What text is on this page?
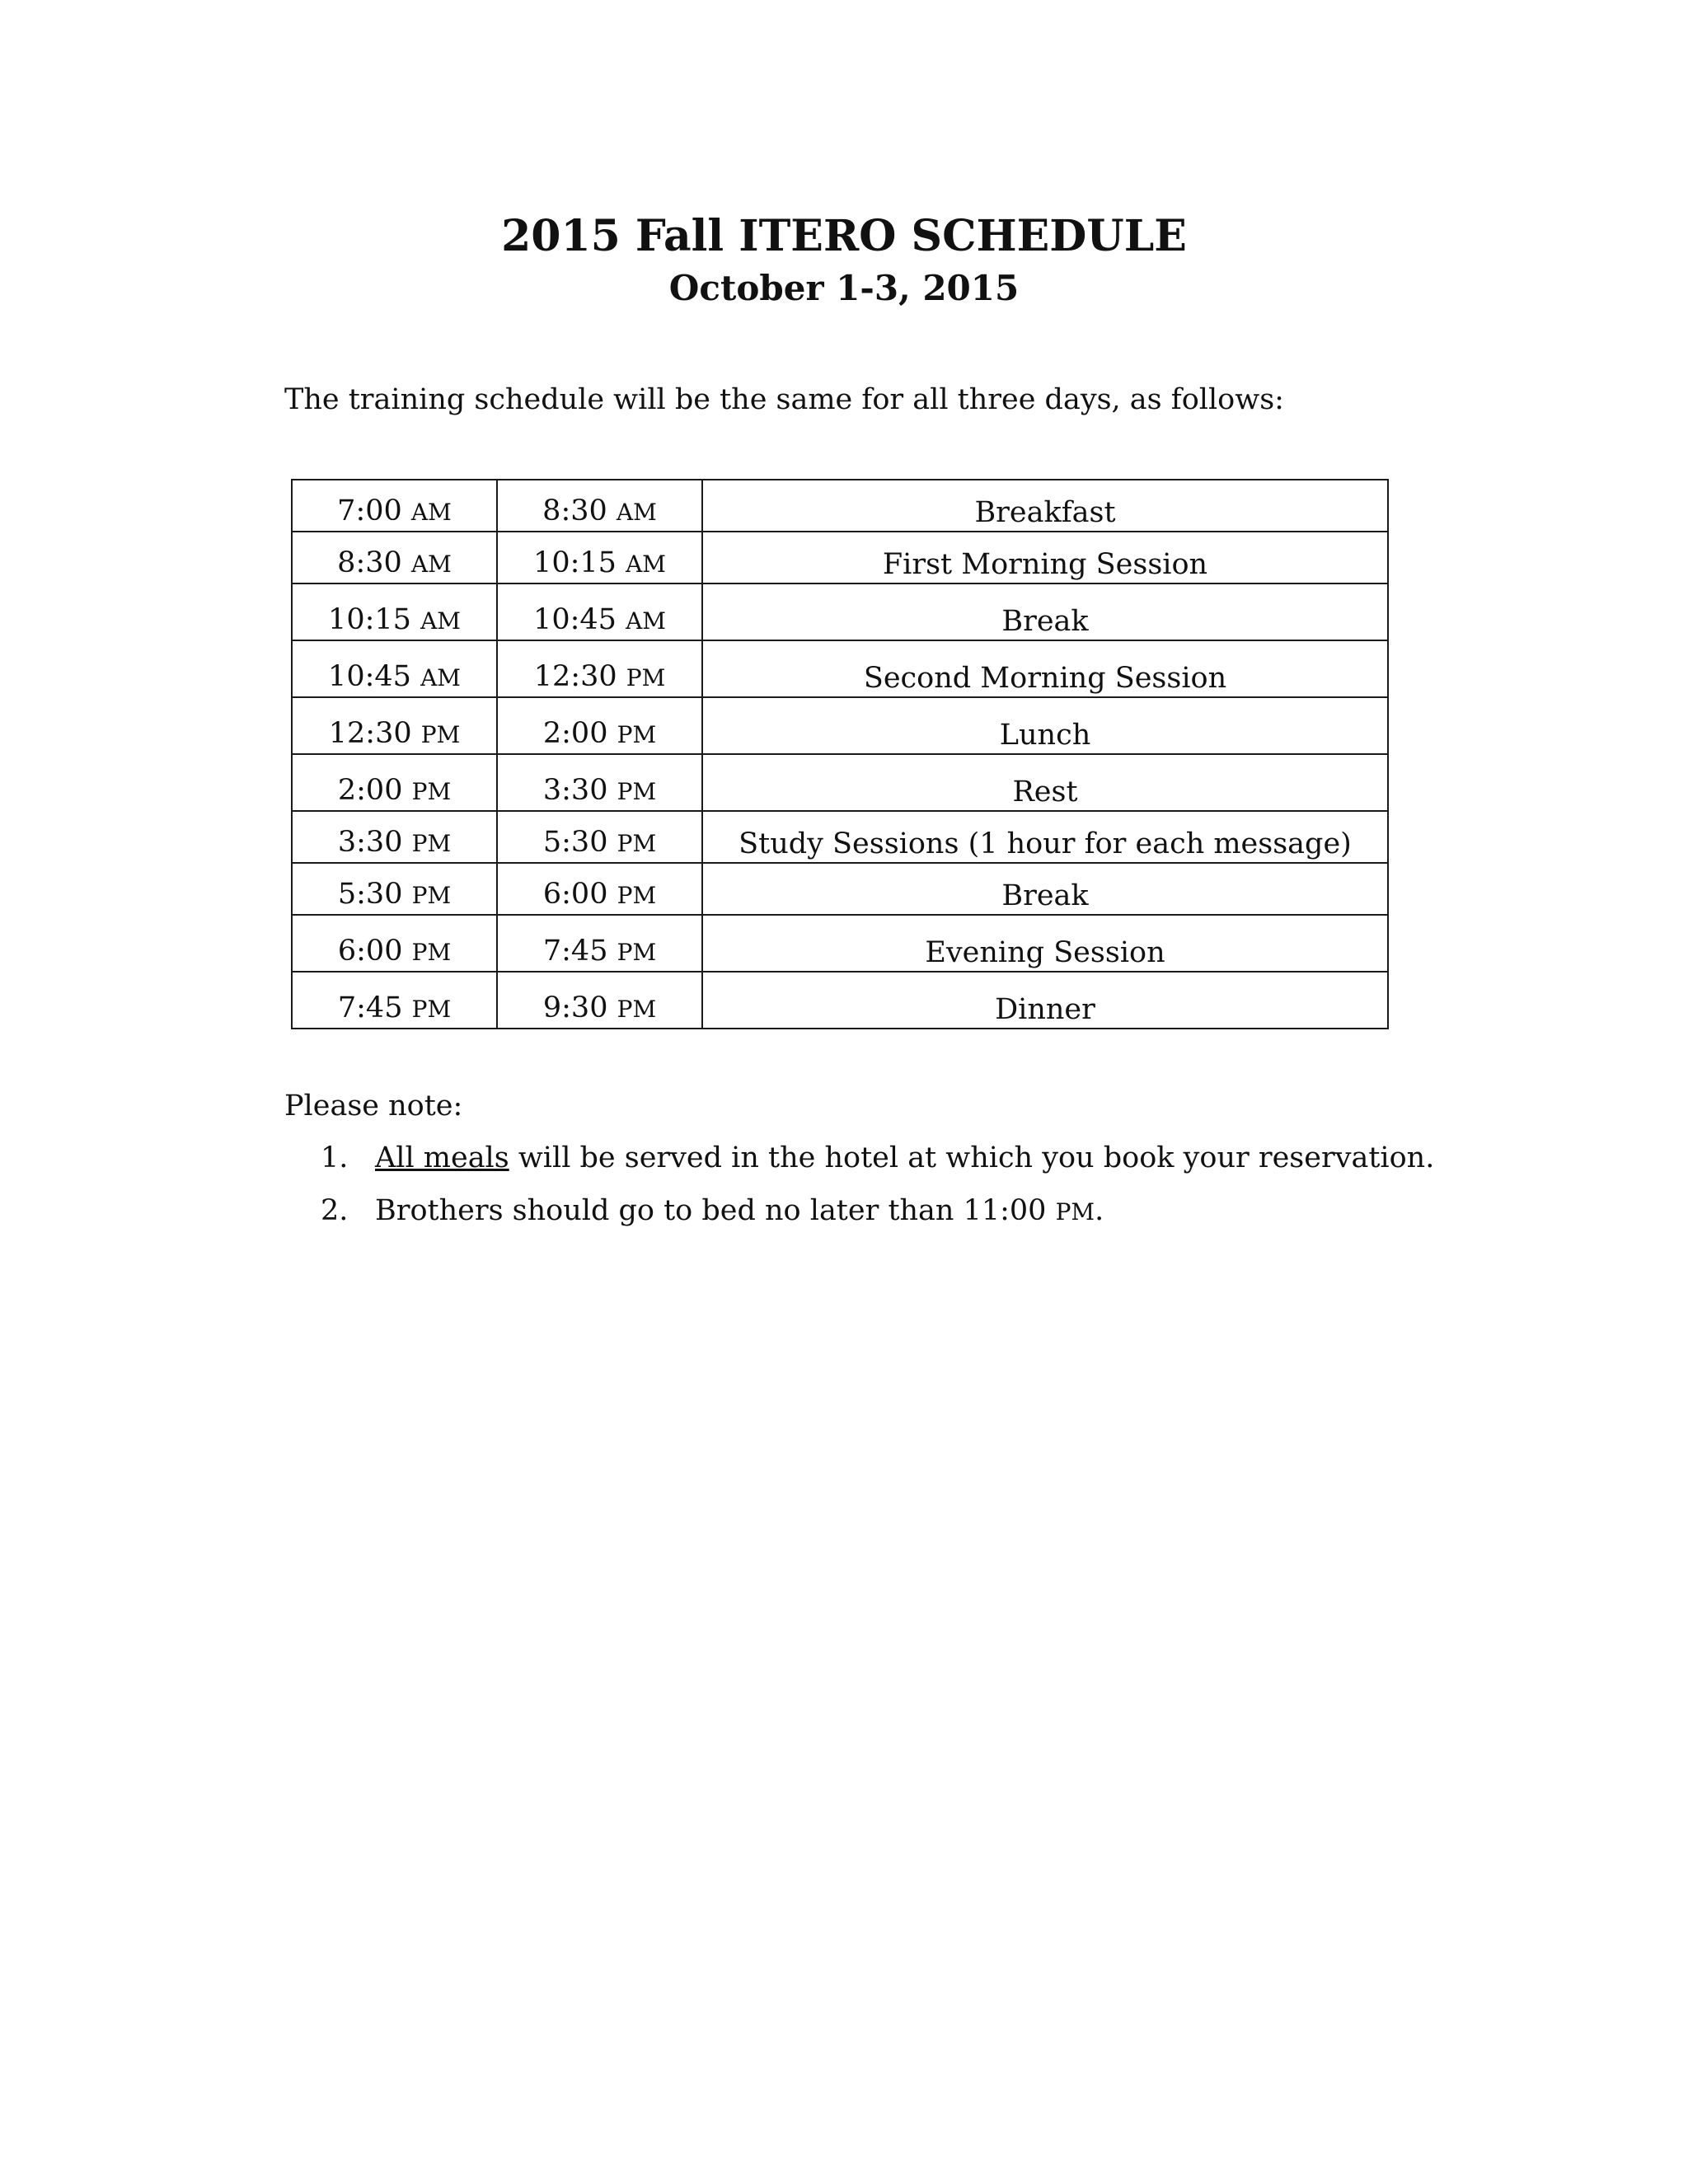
2015 Fall ITERO SCHEDULE
October 1-3, 2015

The training schedule will be the same for all three days, as follows:

7:00 AM	8:30 AM	Breakfast
8:30 AM	10:15 AM	First Morning Session
10:15 AM	10:45 AM	Break
10:45 AM	12:30 PM	Second Morning Session
12:30 PM	2:00 PM	Lunch
2:00 PM	3:30 PM	Rest
3:30 PM	5:30 PM	Study Sessions (1 hour for each message)
5:30 PM	6:00 PM	Break
6:00 PM	7:45 PM	Evening Session
7:45 PM	9:30 PM	Dinner

Please note:

1. All meals will be served in the hotel at which you book your reservation.
2. Brothers should go to bed no later than 11:00 PM.
